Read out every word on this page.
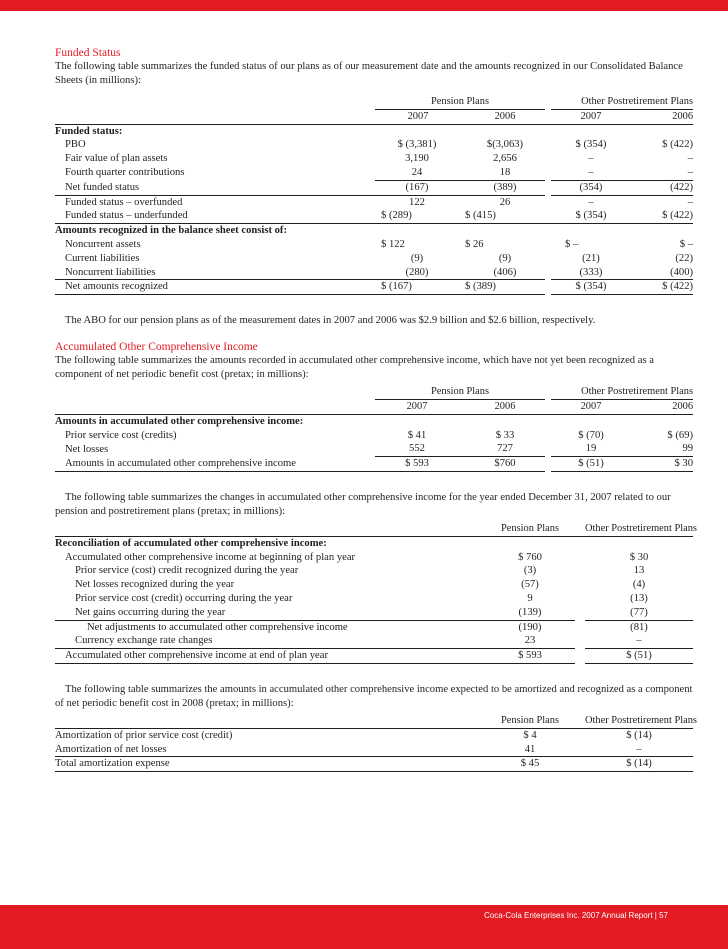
Funded Status
The following table summarizes the funded status of our plans as of our measurement date and the amounts recognized in our Consolidated Balance Sheets (in millions):
	Pension Plans				Other Postretirement Plans		
	2007		2006		2007		2006
Funded status:							
PBO	$ (3,381)		$(3,063)		$ (354)		$ (422)
Fair value of plan assets	3,190		2,656		–		–
Fourth quarter contributions	24		18		–		–
Net funded status	(167)		(389)		(354)		(422)
Funded status – overfunded	122		26		–		–
Funded status – underfunded	$ (289)		$ (415)		$ (354)		$ (422)
Amounts recognized in the balance sheet consist of:							
Noncurrent assets	$ 122		$ 26		$ –		$ –
Current liabilities	(9)		(9)		(21)		(22)
Noncurrent liabilities	(280)		(406)		(333)		(400)
Net amounts recognized	$ (167)		$ (389)		$ (354)		$ (422)
The ABO for our pension plans as of the measurement dates in 2007 and 2006 was $2.9 billion and $2.6 billion, respectively.
Accumulated Other Comprehensive Income
The following table summarizes the amounts recorded in accumulated other comprehensive income, which have not yet been recognized as a component of net periodic benefit cost (pretax; in millions):
	Pension Plans				Other Postretirement Plans		
	2007		2006		2007		2006
Amounts in accumulated other comprehensive income:							
Prior service cost (credits)	$ 41		$ 33		$ (70)		$ (69)
Net losses	552		727		19		99
Amounts in accumulated other comprehensive income	$ 593		$760		$ (51)		$ 30
The following table summarizes the changes in accumulated other comprehensive income for the year ended December 31, 2007 related to our pension and postretirement plans (pretax; in millions):
	Pension Plans		Other Postretirement Plans
Reconciliation of accumulated other comprehensive income:			
Accumulated other comprehensive income at beginning of plan year	$ 760		$ 30
Prior service (cost) credit recognized during the year	(3)		13
Net losses recognized during the year	(57)		(4)
Prior service cost (credit) occurring during the year	9		(13)
Net gains occurring during the year	(139)		(77)
Net adjustments to accumulated other comprehensive income	(190)		(81)
Currency exchange rate changes	23		–
Accumulated other comprehensive income at end of plan year	$ 593		$ (51)
The following table summarizes the amounts in accumulated other comprehensive income expected to be amortized and recognized as a component of net periodic benefit cost in 2008 (pretax; in millions):
	Pension Plans		Other Postretirement Plans
Amortization of prior service cost (credit)	$ 4		$ (14)
Amortization of net losses	41		–
Total amortization expense	$ 45		$ (14)
Coca-Cola Enterprises Inc. 2007 Annual Report | 57
